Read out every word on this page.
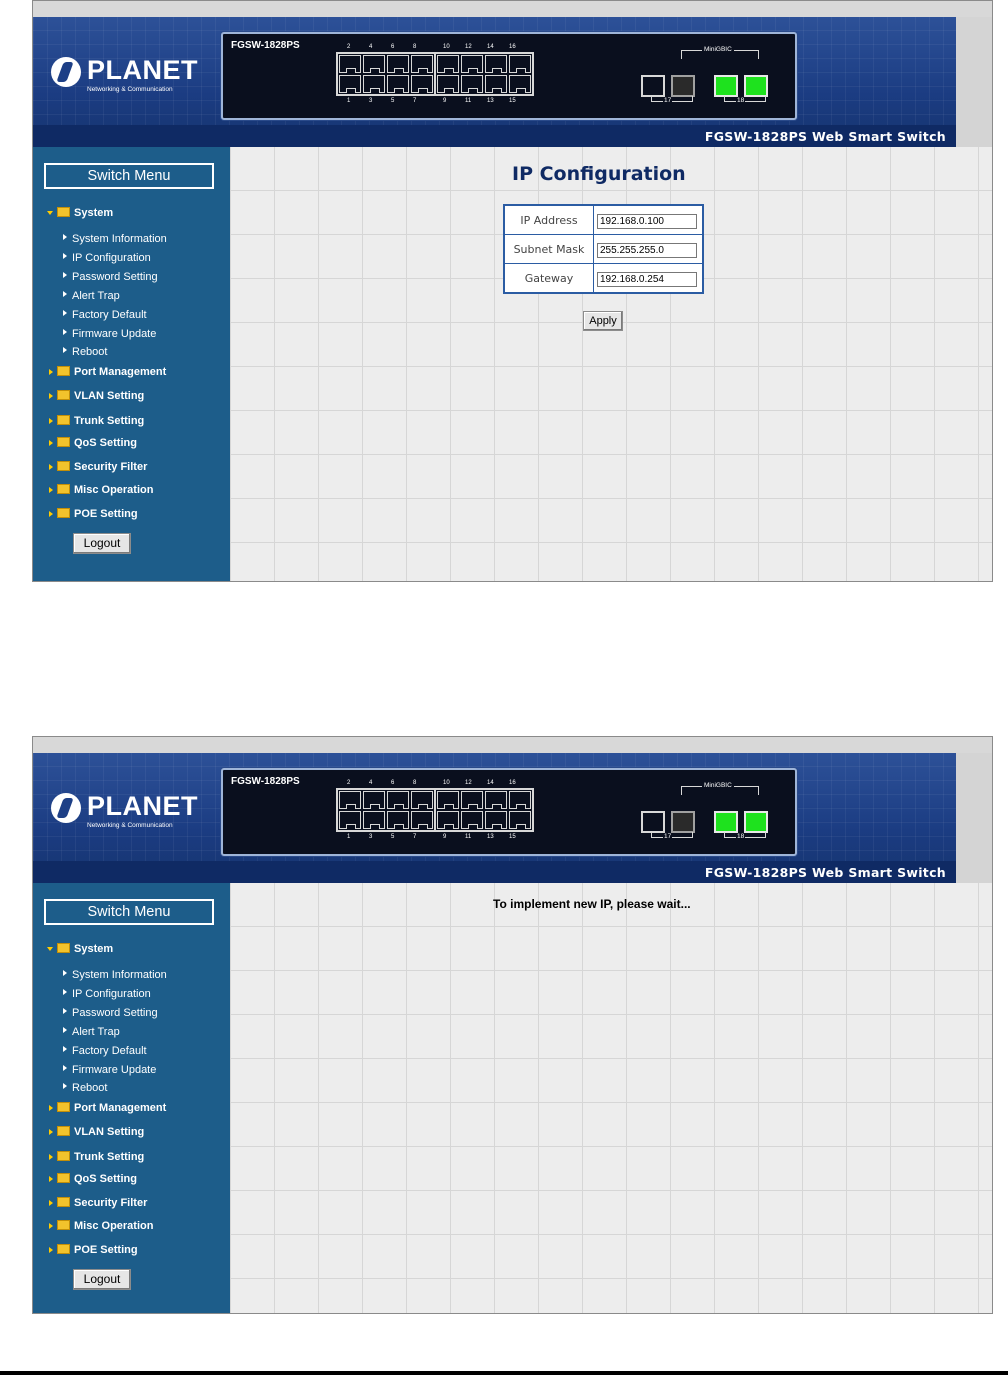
PLANET
Networking & Communication
FGSW-1828PS	2	4	6	8	10	12	14	16
1	3	5	7	9	11	13	15
MiniGBIC
17	18
FGSW-1828PS Web Smart Switch
Switch Menu
System
System Information
IP Configuration
Password Setting
Alert Trap
Factory Default
Firmware Update
Reboot
Port Management
VLAN Setting
Trunk Setting
QoS Setting
Security Filter
Misc Operation
POE Setting
Logout
IP Configuration
IP Address	192.168.0.100
Subnet Mask	255.255.255.0
Gateway	192.168.0.254
Apply
PLANET
Networking & Communication
FGSW-1828PS	2	4	6	8	10	12	14	16
1	3	5	7	9	11	13	15
MiniGBIC
17	18
FGSW-1828PS Web Smart Switch
Switch Menu
System
System Information
IP Configuration
Password Setting
Alert Trap
Factory Default
Firmware Update
Reboot
Port Management
VLAN Setting
Trunk Setting
QoS Setting
Security Filter
Misc Operation
POE Setting
Logout
To implement new IP, please wait...
